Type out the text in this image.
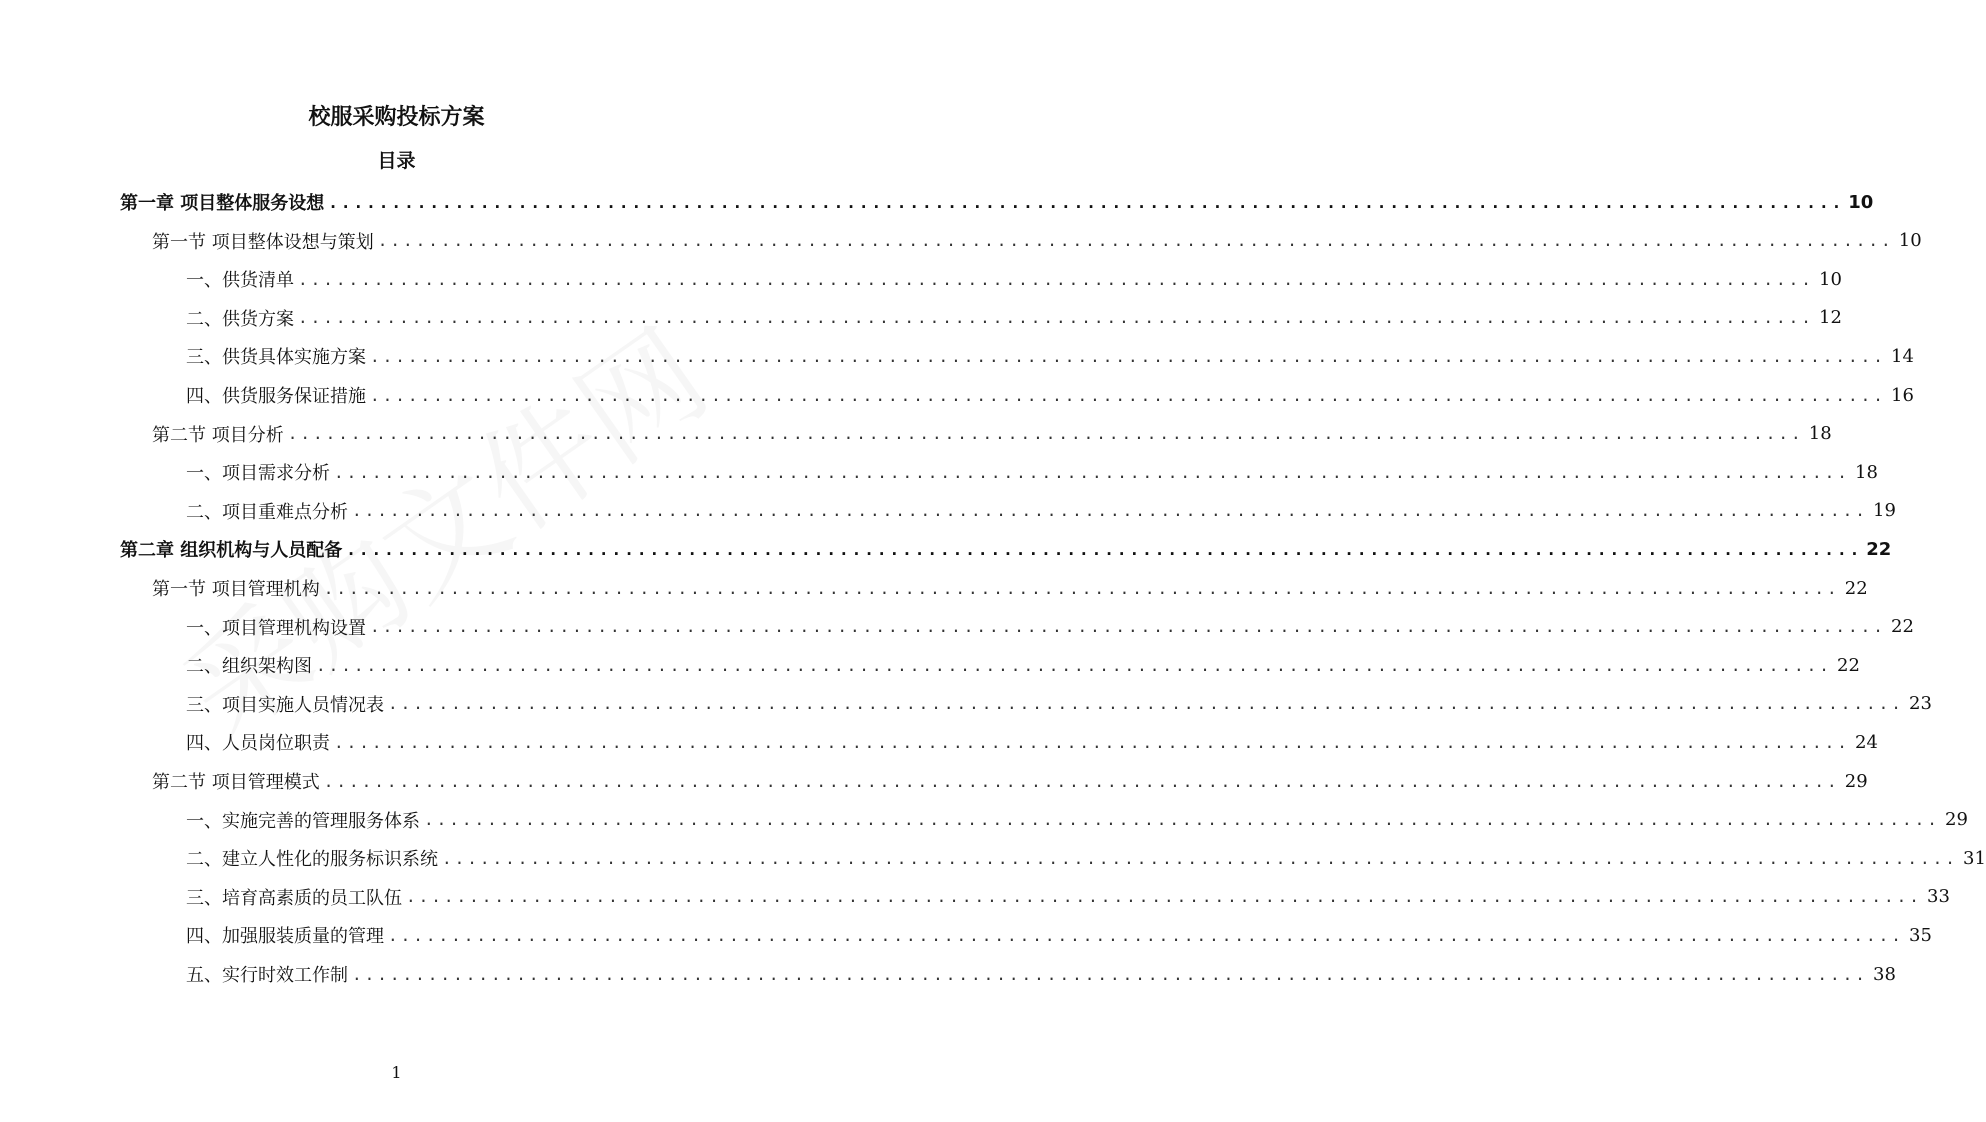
校服采购投标方案
目录
第一章 项目整体服务设想 ........................................................................................................................ 10
第一节 项目整体设想与策划 ........................................................................................................................ 10
一、供货清单 ........................................................................................................................ 10
二、供货方案 ........................................................................................................................ 12
三、供货具体实施方案 ........................................................................................................................ 14
四、供货服务保证措施 ........................................................................................................................ 16
第二节 项目分析 ........................................................................................................................ 18
一、项目需求分析 ........................................................................................................................ 18
二、项目重难点分析 ........................................................................................................................ 19
第二章 组织机构与人员配备 ........................................................................................................................ 22
第一节 项目管理机构 ........................................................................................................................ 22
一、项目管理机构设置 ........................................................................................................................ 22
二、组织架构图 ........................................................................................................................ 22
三、项目实施人员情况表 ........................................................................................................................ 23
四、人员岗位职责 ........................................................................................................................ 24
第二节 项目管理模式 ........................................................................................................................ 29
一、实施完善的管理服务体系 ........................................................................................................................ 29
二、建立人性化的服务标识系统 ........................................................................................................................ 31
三、培育高素质的员工队伍 ........................................................................................................................ 33
四、加强服装质量的管理 ........................................................................................................................ 35
五、实行时效工作制 ........................................................................................................................ 38
1
